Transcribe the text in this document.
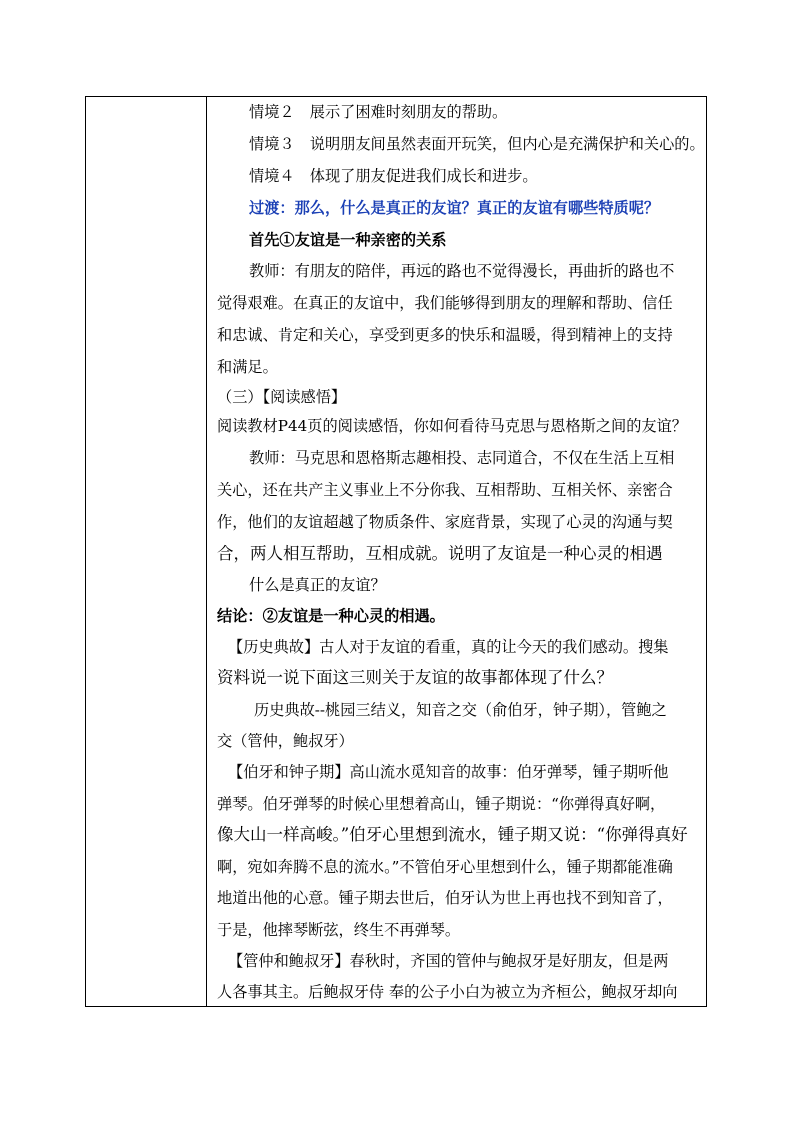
情境２　展示了困难时刻朋友的帮助。
情境３　说明朋友间虽然表面开玩笑，但内心是充满保护和关心的。
情境４　体现了朋友促进我们成长和进步。
过渡：那么，什么是真正的友谊？真正的友谊有哪些特质呢？
首先①友谊是一种亲密的关系
教师：有朋友的陪伴，再远的路也不觉得漫长，再曲折的路也不
觉得艰难。在真正的友谊中，我们能够得到朋友的理解和帮助、信任
和忠诚、肯定和关心，享受到更多的快乐和温暖，得到精神上的支持
和满足。
（三）【阅读感悟】
阅读教材P44页的阅读感悟，你如何看待马克思与恩格斯之间的友谊？
教师：马克思和恩格斯志趣相投、志同道合，不仅在生活上互相
关心，还在共产主义事业上不分你我、互相帮助、互相关怀、亲密合
作，他们的友谊超越了物质条件、家庭背景，实现了心灵的沟通与契
合，两人相互帮助，互相成就。说明了友谊是一种心灵的相遇
什么是真正的友谊？
结论：②友谊是一种心灵的相遇。
【历史典故】古人对于友谊的看重，真的让今天的我们感动。搜集
资料说一说下面这三则关于友谊的故事都体现了什么？
历史典故--桃园三结义，知音之交（俞伯牙，钟子期），管鲍之
交（管仲，鲍叔牙）
【伯牙和钟子期】高山流水觅知音的故事：伯牙弹琴，锺子期听他
弹琴。伯牙弹琴的时候心里想着高山，锺子期说：“你弹得真好啊，
像大山一样高峻。”伯牙心里想到流水，锺子期又说：“你弹得真好
啊，宛如奔腾不息的流水。”不管伯牙心里想到什么，锺子期都能准确
地道出他的心意。锺子期去世后，伯牙认为世上再也找不到知音了，
于是，他摔琴断弦，终生不再弹琴。
【管仲和鲍叔牙】春秋时，齐国的管仲与鲍叔牙是好朋友，但是两
人各事其主。后鲍叔牙侍 奉的公子小白为被立为齐桓公，鲍叔牙却向
